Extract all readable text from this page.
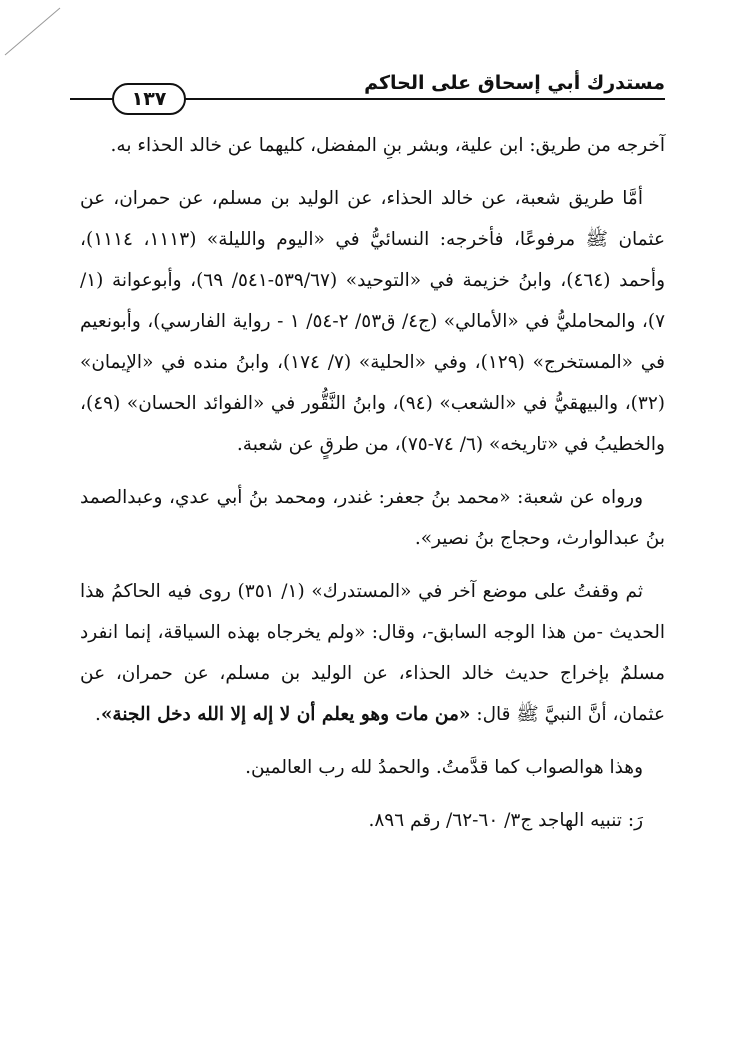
مستدرك أبي إسحاق على الحاكم
١٣٧

آخرجه من طريق: ابن علية، وبشر بنِ المفضل، كليهما عن خالد الحذاء به.

أمَّا طريق شعبة، عن خالد الحذاء، عن الوليد بن مسلم، عن حمران، عن عثمان ﷺ مرفوعًا، فأخرجه: النسائيُّ في «اليوم والليلة» (١١١٣، ١١١٤)، وأحمد (٤٦٤)، وابنُ خزيمة في «التوحيد» (٥٣٩/٦٧-٥٤١/ ٦٩)، وأبوعوانة (١/ ٧)، والمحامليُّ في «الأمالي» (ج٤/ ق٥٣/ ٢-٥٤/ ١ - رواية الفارسي)، وأبونعيم في «المستخرج» (١٢٩)، وفي «الحلية» (٧/ ١٧٤)، وابنُ منده في «الإيمان» (٣٢)، والبيهقيُّ في «الشعب» (٩٤)، وابنُ النَّقُّور في «الفوائد الحسان» (٤٩)، والخطيبُ في «تاريخه» (٦/ ٧٤-٧٥)، من طرقٍ عن شعبة.

ورواه عن شعبة: «محمد بنُ جعفر: غندر، ومحمد بنُ أبي عدي، وعبدالصمد بنُ عبدالوارث، وحجاج بنُ نصير».

ثم وقفتُ على موضع آخر في «المستدرك» (١/ ٣٥١) روى فيه الحاكمُ هذا الحديث -من هذا الوجه السابق-، وقال: «ولم يخرجاه بهذه السياقة، إنما انفرد مسلمٌ بإخراج حديث خالد الحذاء، عن الوليد بن مسلم، عن حمران، عن عثمان، أنَّ النبيَّ ﷺ قال: «من مات وهو يعلم أن لا إله إلا الله دخل الجنة».

وهذا هوالصواب كما قدَّمتُ. والحمدُ لله رب العالمين.

رَ: تنبيه الهاجد ج٣/ ٦٠-٦٢/ رقم ٨٩٦.
